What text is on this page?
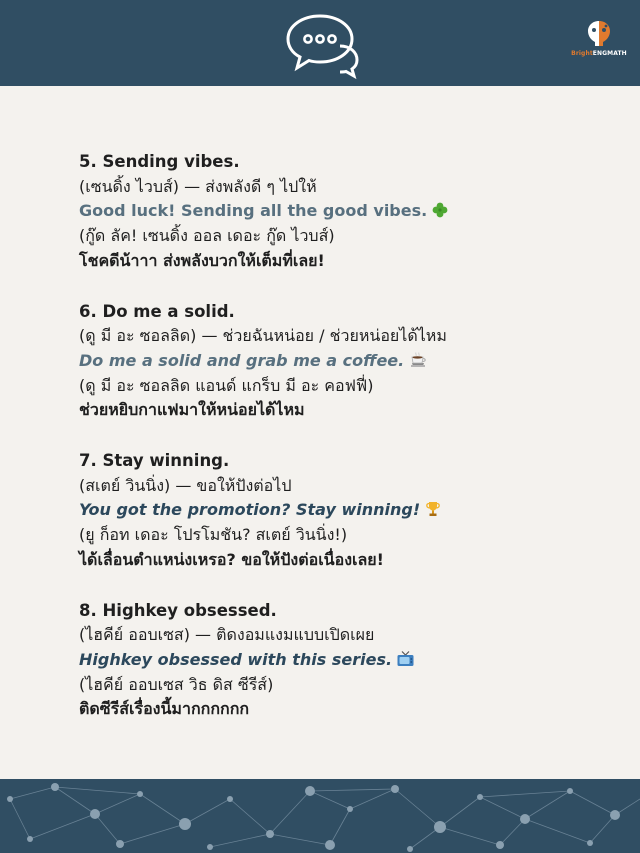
BrightENGMATH
5. Sending vibes.
(เซนดิ้ง ไวบส์) — ส่งพลังดี ๆ ไปให้
Good luck! Sending all the good vibes.
(กู๊ด ลัค! เซนดิ้ง ออล เดอะ กู๊ด ไวบส์)
โชคดีน้าาา ส่งพลังบวกให้เต็มที่เลย!
6. Do me a solid.
(ดู มี อะ ซอลลิด) — ช่วยฉันหน่อย / ช่วยหน่อยได้ไหม
Do me a solid and grab me a coffee.
(ดู มี อะ ซอลลิด แอนด์ แกร็บ มี อะ คอฟฟี่)
ช่วยหยิบกาแฟมาให้หน่อยได้ไหม
7. Stay winning.
(สเตย์ วินนิ่ง) — ขอให้ปังต่อไป
You got the promotion? Stay winning!
(ยู ก็อท เดอะ โปรโมชัน? สเตย์ วินนิ่ง!)
ได้เลื่อนตำแหน่งเหรอ? ขอให้ปังต่อเนื่องเลย!
8. Highkey obsessed.
(ไฮคีย์ ออบเซส) — ติดงอมแงมแบบเปิดเผย
Highkey obsessed with this series.
(ไฮคีย์ ออบเซส วิธ ดิส ซีรีส์)
ติดซีรีส์เรื่องนี้มากกกกกก
